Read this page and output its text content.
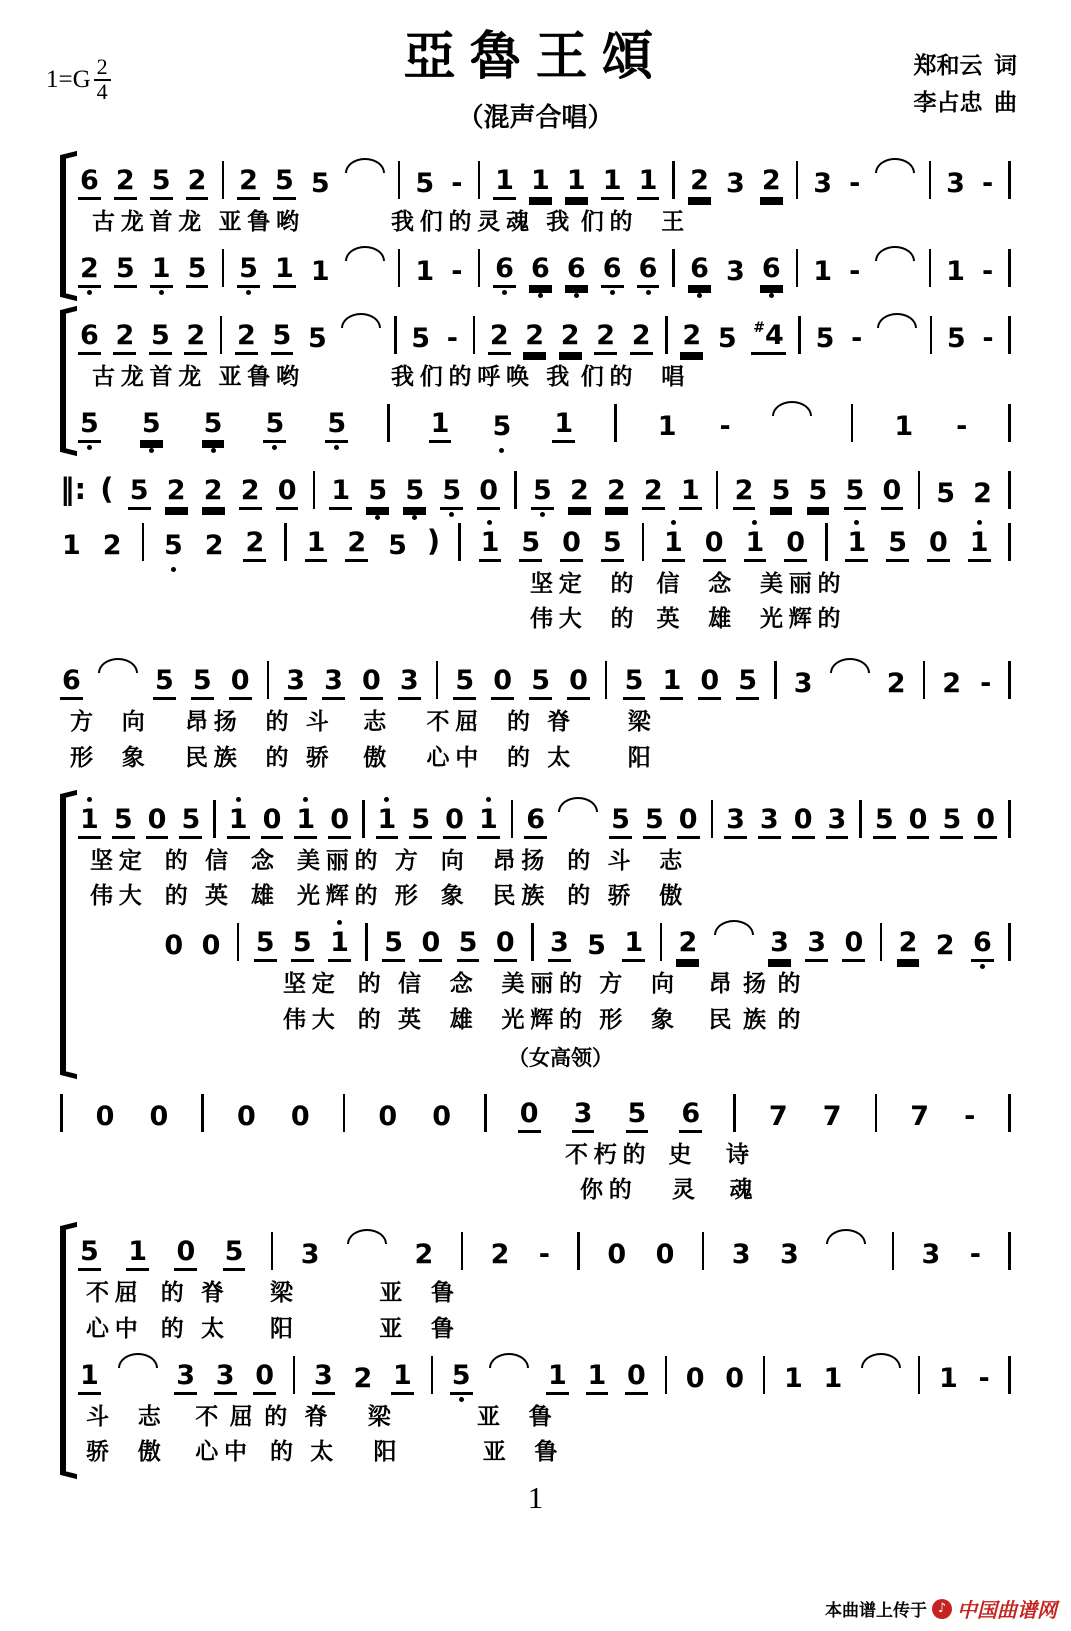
$1=G \frac{2}{4}$	亞魯王頌
（混声合唱）
郑和云  词
李占忠  曲
6 2 5 2 2 5 5	5 - 1 1 1 1 1 2 3 2 3 -	3 -
古 龙 首 龙   亚 鲁 哟                我 们 的 灵 魂   我  们 的     王
2 5 1 5 5 1 1	1 - 6 6 6 6 6 6 3 6 1 -	1 -
6 2 5 2 2 5 5	5 - 2 2 2 2 2 2 5 #4 5 -	5 -
古 龙 首 龙   亚 鲁 哟                我 们 的 呼 唤   我  们 的     唱
5 5 5 5 5	1 5 1	1 -	1 -
‖: ( 5 2 2 2 0 1 5 5 5 0 5 2 2 2 1 2 5 5 5 0 5 2
1 2 5 2 2 1 2 5 ) 1 5 0 5 1 0 1 0 1 5 0 1
坚 定     的    信     念     美 丽 的
伟 大     的    英     雄     光 辉 的
6	5 5 0 3 3 0 3 5 0 5 0 5 1 0 5 3	2 2 -
方     向       昂 扬     的   斗      志       不 屈     的   脊          梁
形     象       民 族     的   骄      傲       心 中     的   太          阳
1 5 0 5 1 0 1 0 1 5 0 1 6 5 5 0 3 3 0 3 5 0 5 0
坚 定    的   信    念    美 丽 的   方    向     昂 扬    的   斗     志
伟 大    的   英    雄    光 辉 的   形    象     民 族    的   骄     傲
0 0 5 5 1 5 0 5 0 3 5 1 2	3 3 0 2 2 6
坚 定    的   信     念     美 丽 的   方     向      昂  扬  的
伟 大    的   英     雄     光 辉 的   形     象      民  族  的
（女高领）
0 0	0 0	0 0	0 3 5 6	7 7	7 -
不 朽 的    史      诗
你 的       灵      魂
5 1 0 5 3	2 2 - 0 0 3 3	3 -
不 屈    的   脊        梁               亚     鲁
心 中    的   太        阳               亚     鲁
1	3 3 0 3 2 1 5	1 1 0 0 0 1 1	1 -
斗     志      不  屈  的   脊       梁               亚     鲁
骄     傲      心 中    的   太       阳               亚     鲁
1
本曲谱上传于 ♪ 中国曲谱网
